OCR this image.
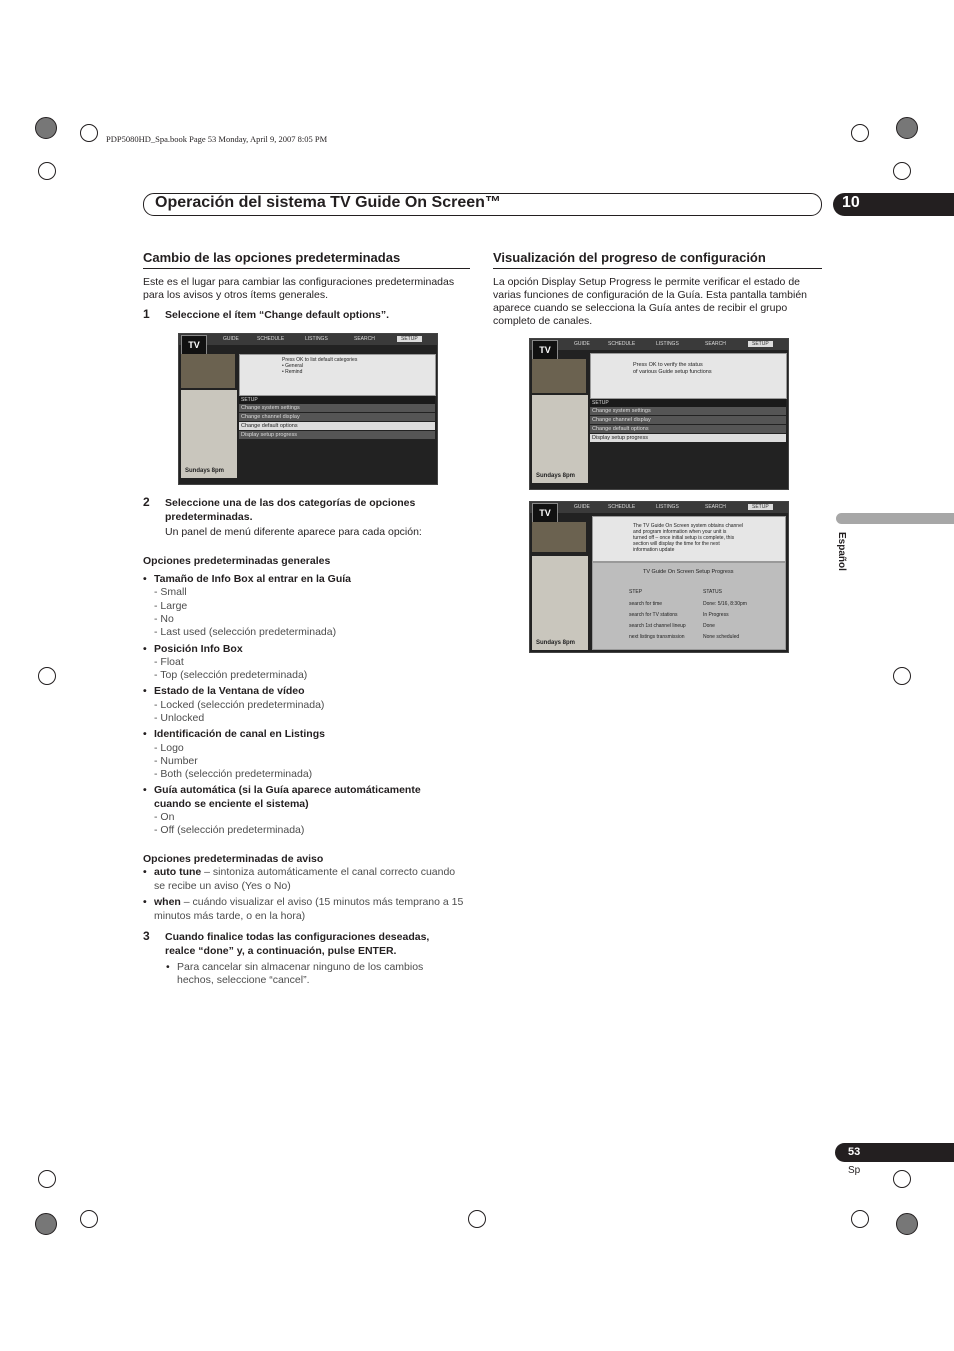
PDP5080HD_Spa.book Page 53 Monday, April 9, 2007 8:05 PM
Operación del sistema TV Guide On Screen™	10
Español
53
Sp
Cambio de las opciones predeterminadas
Este es el lugar para cambiar las configuraciones predeterminadas para los avisos y otros ítems generales.
1 Seleccione el ítem “Change default options”.
TV
GUIDE	SCHEDULE	LISTINGS	SEARCH	SETUP
Sundays 8pm
Press OK to list default categories
• General
• Remind
SETUP
Change system settings
Change channel display
Change default options
Display setup progress
2 Seleccione una de las dos categorías de opciones predeterminadas.
Un panel de menú diferente aparece para cada opción:
Opciones predeterminadas generales
• Tamaño de Info Box al entrar en la Guía
- Small
- Large
- No
- Last used (selección predeterminada)
• Posición Info Box
- Float
- Top (selección predeterminada)
• Estado de la Ventana de vídeo
- Locked (selección predeterminada)
- Unlocked
• Identificación de canal en Listings
- Logo
- Number
- Both (selección predeterminada)
• Guía automática (si la Guía aparece automáticamente cuando se enciente el sistema)
- On
- Off (selección predeterminada)
Opciones predeterminadas de aviso
• auto tune – sintoniza automáticamente el canal correcto cuando se recibe un aviso (Yes o No)
• when – cuándo visualizar el aviso (15 minutos más temprano a 15 minutos más tarde, o en la hora)
3 Cuando finalice todas las configuraciones deseadas, realce “done” y, a continuación, pulse ENTER.
• Para cancelar sin almacenar ninguno de los cambios hechos, seleccione “cancel”.
Visualización del progreso de configuración
La opción Display Setup Progress le permite verificar el estado de varias funciones de configuración de la Guía. Esta pantalla también aparece cuando se selecciona la Guía antes de recibir el grupo completo de canales.
TV
GUIDE	SCHEDULE	LISTINGS	SEARCH	SETUP
Sundays 8pm
Press OK to verify the status
of various Guide setup functions
SETUP
Change system settings
Change channel display
Change default options
Display setup progress
TV
GUIDE	SCHEDULE	LISTINGS	SEARCH	SETUP
Sundays 8pm
The TV Guide On Screen system obtains channel
and program information when your unit is
turned off – once initial setup is complete, this
section will display the time for the next
information update
TV Guide On Screen Setup Progress
STEP	STATUS
search for time	Done: 5/16, 8:30pm
search for TV stations	In Progress
search 1st channel lineup	Done
next listings transmission	None scheduled
